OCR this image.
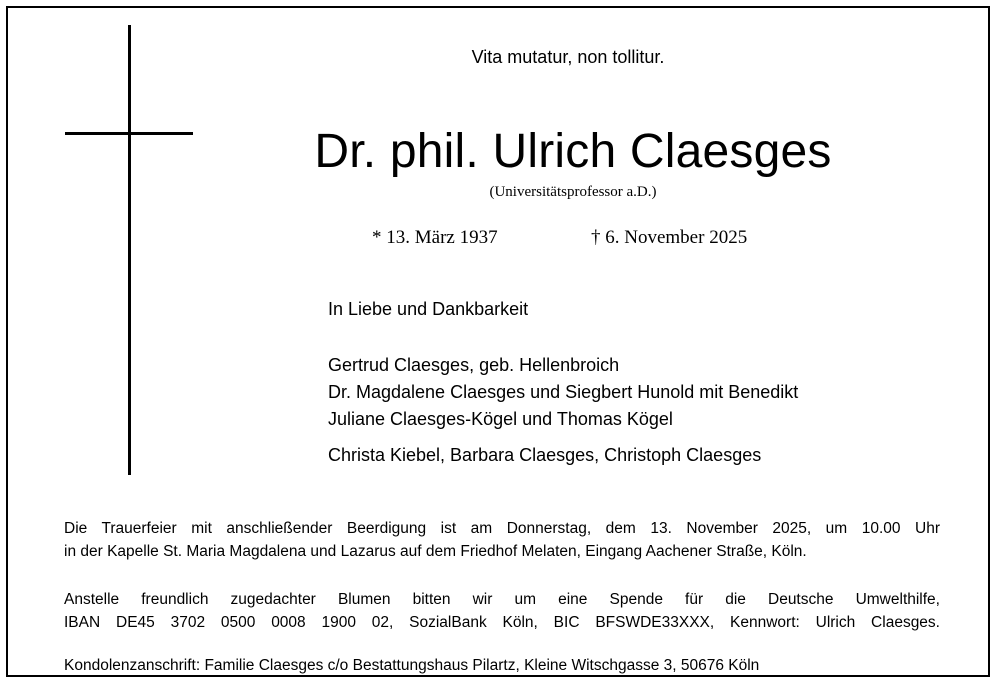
Vita mutatur, non tollitur.
Dr. phil. Ulrich Claesges
(Universitätsprofessor a.D.)
* 13. März 1937	† 6. November 2025
In Liebe und Dankbarkeit
Gertrud Claesges, geb. Hellenbroich
Dr. Magdalene Claesges und Siegbert Hunold mit Benedikt
Juliane Claesges-Kögel und Thomas Kögel
Christa Kiebel, Barbara Claesges, Christoph Claesges
Die Trauerfeier mit anschließender Beerdigung ist am Donnerstag, dem 13. November 2025, um 10.00 Uhr
in der Kapelle St. Maria Magdalena und Lazarus auf dem Friedhof Melaten, Eingang Aachener Straße, Köln.
Anstelle freundlich zugedachter Blumen bitten wir um eine Spende für die Deutsche Umwelthilfe,
IBAN DE45 3702 0500 0008 1900 02, SozialBank Köln, BIC BFSWDE33XXX, Kennwort: Ulrich Claesges.
Kondolenzanschrift: Familie Claesges c/o Bestattungshaus Pilartz, Kleine Witschgasse 3, 50676 Köln
